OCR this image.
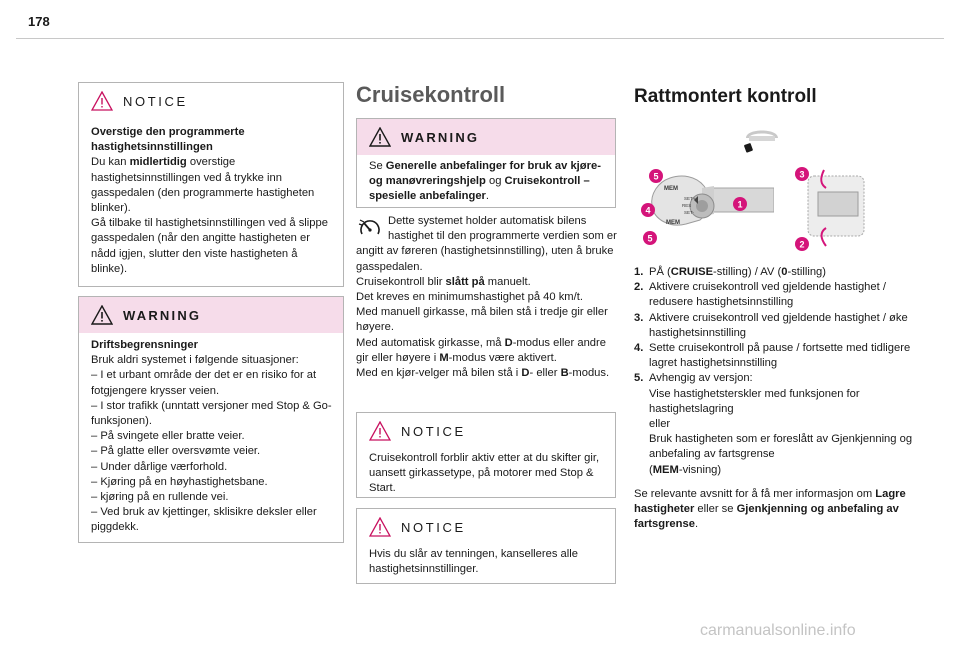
178
NOTICE

Overstige den programmerte hastighetsinnstillingen

Du kan midlertidig overstige hastighetsinnstillingen ved å trykke inn gasspedalen (den programmerte hastigheten blinker).

Gå tilbake til hastighetsinnstillingen ved å slippe gasspedalen (når den angitte hastigheten er nådd igjen, slutter den viste hastigheten å blinke).

WARNING

Driftsbegrensninger

Bruk aldri systemet i følgende situasjoner:

– I et urbant område der det er en risiko for at fotgjengere krysser veien.

– I stor trafikk (unntatt versjoner med Stop & Go-funksjonen).

– På svingete eller bratte veier.

– På glatte eller oversvømte veier.

– Under dårlige værforhold.

– Kjøring på en høyhastighetsbane.

– kjøring på en rullende vei.

– Ved bruk av kjettinger, sklisikre deksler eller piggdekk.

Cruisekontroll
WARNING

Se Generelle anbefalinger for bruk av kjøre- og manøvreringshjelp og Cruisekontroll – spesielle anbefalinger.

Dette systemet holder automatisk bilens hastighet til den programmerte verdien som er angitt av føreren (hastighetsinnstilling), uten å bruke gasspedalen.

Cruisekontroll blir slått på manuelt.

Det kreves en minimumshastighet på 40 km/t.

Med manuell girkasse, må bilen stå i tredje gir eller høyere.

Med automatisk girkasse, må D-modus eller andre gir eller høyere i M-modus være aktivert.

Med en kjør-velger må bilen stå i D- eller B-modus.

NOTICE

Cruisekontroll forblir aktiv etter at du skifter gir, uansett girkassetype, på motorer med Stop & Start.

NOTICE

Hvis du slår av tenningen, kanselleres alle hastighetsinnstillinger.

Rattmontert kontroll
MEM
MEM
SET+
SET-
RES
5
4
5
1
3
2
1. PÅ (CRUISE-stilling) / AV (0-stilling)
2. Aktivere cruisekontroll ved gjeldende hastighet / redusere hastighetsinnstilling
3. Aktivere cruisekontroll ved gjeldende hastighet / øke hastighetsinnstilling
4. Sette cruisekontroll på pause / fortsette med tidligere lagret hastighetsinnstilling
5. Avhengig av versjon:
Vise hastighetsterskler med funksjonen for hastighetslagring
eller
Bruk hastigheten som er foreslått av Gjenkjenning og anbefaling av fartsgrense
(MEM-visning)

Se relevante avsnitt for å få mer informasjon om Lagre hastigheter eller se Gjenkjenning og anbefaling av fartsgrense.

carmanualsonline.info
